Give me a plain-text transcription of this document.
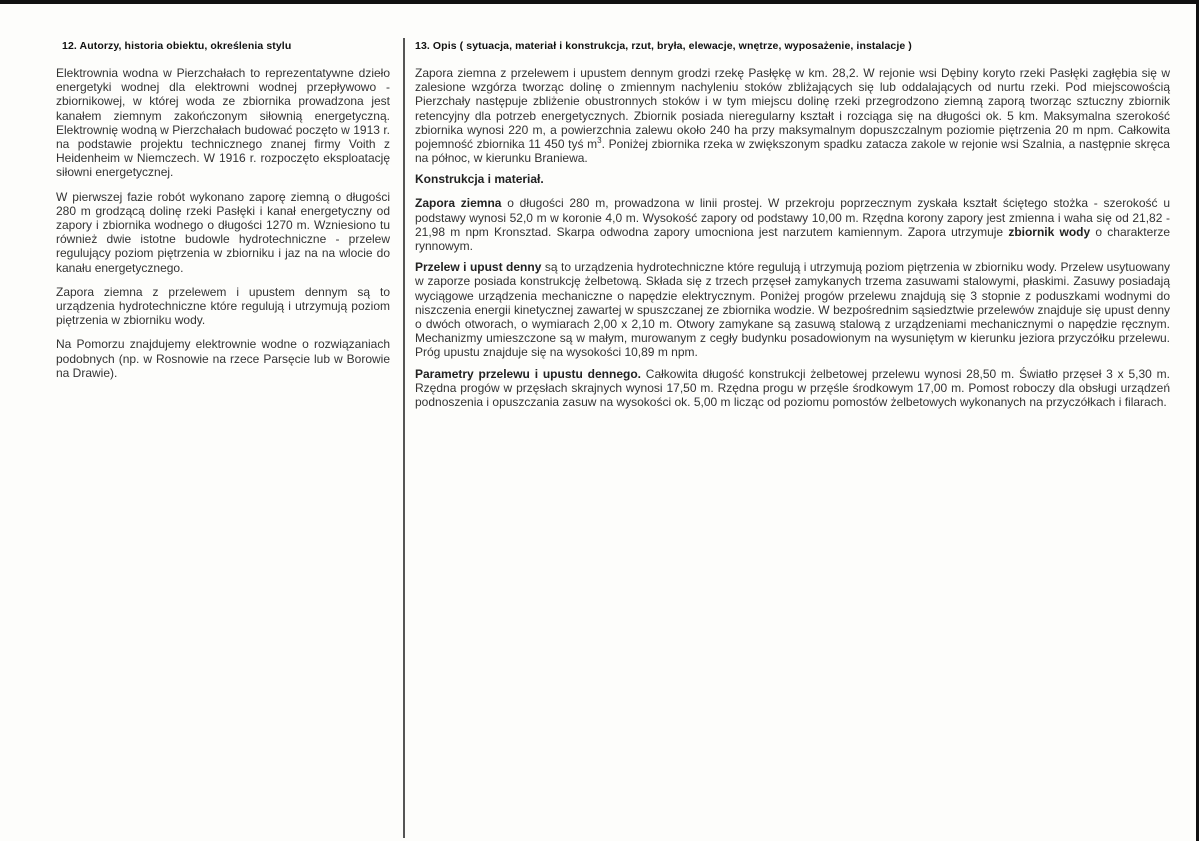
12. Autorzy, historia obiektu, określenia stylu

Elektrownia wodna w Pierzchałach to reprezentatywne dzieło energetyki wodnej dla elektrowni wodnej przepływowo - zbiornikowej, w której woda ze zbiornika prowadzona jest kanałem ziemnym zakończonym siłownią energetyczną. Elektrownię wodną w Pierzchałach budować poczęto w 1913 r. na podstawie projektu technicznego znanej firmy Voith z Heidenheim w Niemczech. W 1916 r. rozpoczęto eksploatację siłowni energetycznej.

W pierwszej fazie robót wykonano zaporę ziemną o długości 280 m grodzącą dolinę rzeki Pasłęki i kanał energetyczny od zapory i zbiornika wodnego o długości 1270 m. Wzniesiono tu również dwie istotne budowle hydrotechniczne - przelew regulujący poziom piętrzenia w zbiorniku i jaz na na wlocie do kanału energetycznego.

Zapora ziemna z przelewem i upustem dennym są to urządzenia hydrotechniczne które regulują i utrzymują poziom piętrzenia w zbiorniku wody.

Na Pomorzu znajdujemy elektrownie wodne o rozwiązaniach podobnych (np. w Rosnowie na rzece Parsęcie lub w Borowie na Drawie).

13. Opis ( sytuacja, materiał i konstrukcja, rzut, bryła, elewacje, wnętrze, wyposażenie, instalacje )

Zapora ziemna z przelewem i upustem dennym grodzi rzekę Pasłękę w km. 28,2. W rejonie wsi Dębiny koryto rzeki Pasłęki zagłębia się w zalesione wzgórza tworząc dolinę o zmiennym nachyleniu stoków zbliżających się lub oddalających od nurtu rzeki. Pod miejscowością Pierzchały następuje zbliżenie obustronnych stoków i w tym miejscu dolinę rzeki przegrodzono ziemną zaporą tworząc sztuczny zbiornik retencyjny dla potrzeb energetycznych. Zbiornik posiada nieregularny kształt i rozciąga się na długości ok. 5 km. Maksymalna szerokość zbiornika wynosi 220 m, a powierzchnia zalewu około 240 ha przy maksymalnym dopuszczalnym poziomie piętrzenia 20 m npm. Całkowita pojemność zbiornika 11 450 tyś $m^3$. Poniżej zbiornika rzeka w zwiększonym spadku zatacza zakole w rejonie wsi Szalnia, a następnie skręca na północ, w kierunku Braniewa.

Konstrukcja i materiał.

Zapora ziemna o długości 280 m, prowadzona w linii prostej. W przekroju poprzecznym zyskała kształt ściętego stożka - szerokość u podstawy wynosi 52,0 m w koronie 4,0 m. Wysokość zapory od podstawy 10,00 m. Rzędna korony zapory jest zmienna i waha się od 21,82 - 21,98 m npm Kronsztad. Skarpa odwodna zapory umocniona jest narzutem kamiennym. Zapora utrzymuje zbiornik wody o charakterze rynnowym.

Przelew i upust denny są to urządzenia hydrotechniczne które regulują i utrzymują poziom piętrzenia w zbiorniku wody. Przelew usytuowany w zaporze posiada konstrukcję żelbetową. Składa się z trzech przęseł zamykanych trzema zasuwami stalowymi, płaskimi. Zasuwy posiadają wyciągowe urządzenia mechaniczne o napędzie elektrycznym. Poniżej progów przelewu znajdują się 3 stopnie z poduszkami wodnymi do niszczenia energii kinetycznej zawartej w spuszczanej ze zbiornika wodzie. W bezpośrednim sąsiedztwie przelewów znajduje się upust denny o dwóch otworach, o wymiarach 2,00 x 2,10 m. Otwory zamykane są zasuwą stalową z urządzeniami mechanicznymi o napędzie ręcznym. Mechanizmy umieszczone są w małym, murowanym z cegły budynku posadowionym na wysuniętym w kierunku jeziora przyczółku przelewu. Próg upustu znajduje się na wysokości 10,89 m npm.

Parametry przelewu i upustu dennego. Całkowita długość konstrukcji żelbetowej przelewu wynosi 28,50 m. Światło przęseł 3 x 5,30 m. Rzędna progów w przęsłach skrajnych wynosi 17,50 m. Rzędna progu w przęśle środkowym 17,00 m. Pomost roboczy dla obsługi urządzeń podnoszenia i opuszczania zasuw na wysokości ok. 5,00 m licząc od poziomu pomostów żelbetowych wykonanych na przyczółkach i filarach.
